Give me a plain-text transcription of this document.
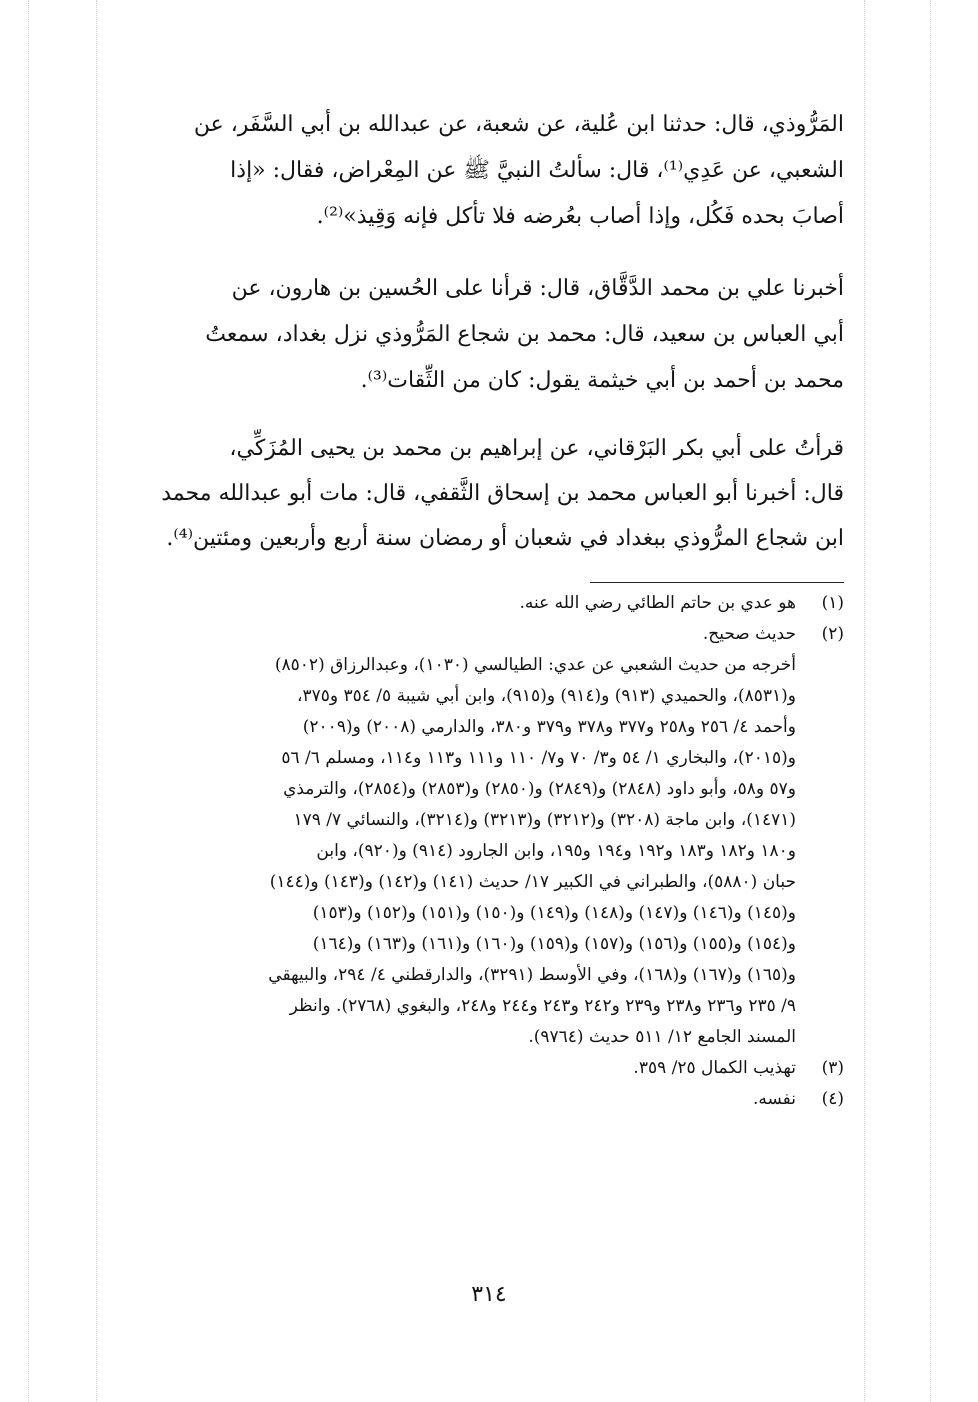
المَرُّوذي، قال: حدثنا ابن عُلية، عن شعبة، عن عبدالله بن أبي السَّفَر، عن
الشعبي، عن عَدِي⁽¹⁾، قال: سألتُ النبيَّ ﷺ عن المِعْراض، فقال: «إذا
أصابَ بحده فَكُل، وإذا أصاب بعُرضه فلا تأكل فإنه وَقِيذ»⁽²⁾.
أخبرنا علي بن محمد الدَّقَّاق، قال: قرأنا على الحُسين بن هارون، عن
أبي العباس بن سعيد، قال: محمد بن شجاع المَرُّوذي نزل بغداد، سمعتُ
محمد بن أحمد بن أبي خيثمة يقول: كان من الثِّقات⁽³⁾.
قرأتُ على أبي بكر البَرْقاني، عن إبراهيم بن محمد بن يحيى المُزَكِّي،
قال: أخبرنا أبو العباس محمد بن إسحاق الثَّقفي، قال: مات أبو عبدالله محمد
ابن شجاع المرُّوذي ببغداد في شعبان أو رمضان سنة أربع وأربعين ومئتين⁽⁴⁾.
(١)
هو عدي بن حاتم الطائي رضي الله عنه.
(٢)
حديث صحيح.
أخرجه من حديث الشعبي عن عدي: الطيالسي (١٠٣٠)، وعبدالرزاق (٨٥٠٢)
و(٨٥٣١)، والحميدي (٩١٣) و(٩١٤) و(٩١٥)، وابن أبي شيبة ٥/ ٣٥٤ و٣٧٥،
وأحمد ٤/ ٢٥٦ و٢٥٨ و٣٧٧ و٣٧٨ و٣٧٩ و٣٨٠، والدارمي (٢٠٠٨) و(٢٠٠٩)
و(٢٠١٥)، والبخاري ١/ ٥٤ و٣/ ٧٠ و٧/ ١١٠ و١١١ و١١٣ و١١٤، ومسلم ٦/ ٥٦
و٥٧ و٥٨، وأبو داود (٢٨٤٨) و(٢٨٤٩) و(٢٨٥٠) و(٢٨٥٣) و(٢٨٥٤)، والترمذي
(١٤٧١)، وابن ماجة (٣٢٠٨) و(٣٢١٢) و(٣٢١٣) و(٣٢١٤)، والنسائي ٧/ ١٧٩
و١٨٠ و١٨٢ و١٨٣ و١٩٢ و١٩٤ و١٩٥، وابن الجارود (٩١٤) و(٩٢٠)، وابن
حبان (٥٨٨٠)، والطبراني في الكبير ١٧/ حديث (١٤١) و(١٤٢) و(١٤٣) و(١٤٤)
و(١٤٥) و(١٤٦) و(١٤٧) و(١٤٨) و(١٤٩) و(١٥٠) و(١٥١) و(١٥٢) و(١٥٣)
و(١٥٤) و(١٥٥) و(١٥٦) و(١٥٧) و(١٥٩) و(١٦٠) و(١٦١) و(١٦٣) و(١٦٤)
و(١٦٥) و(١٦٧) و(١٦٨)، وفي الأوسط (٣٢٩١)، والدارقطني ٤/ ٢٩٤، والبيهقي
٩/ ٢٣٥ و٢٣٦ و٢٣٨ و٢٣٩ و٢٤٢ و٢٤٣ و٢٤٤ و٢٤٨، والبغوي (٢٧٦٨). وانظر
المسند الجامع ١٢/ ٥١١ حديث (٩٧٦٤).
(٣)
تهذيب الكمال ٢٥/ ٣٥٩.
(٤)
نفسه.
٣١٤
